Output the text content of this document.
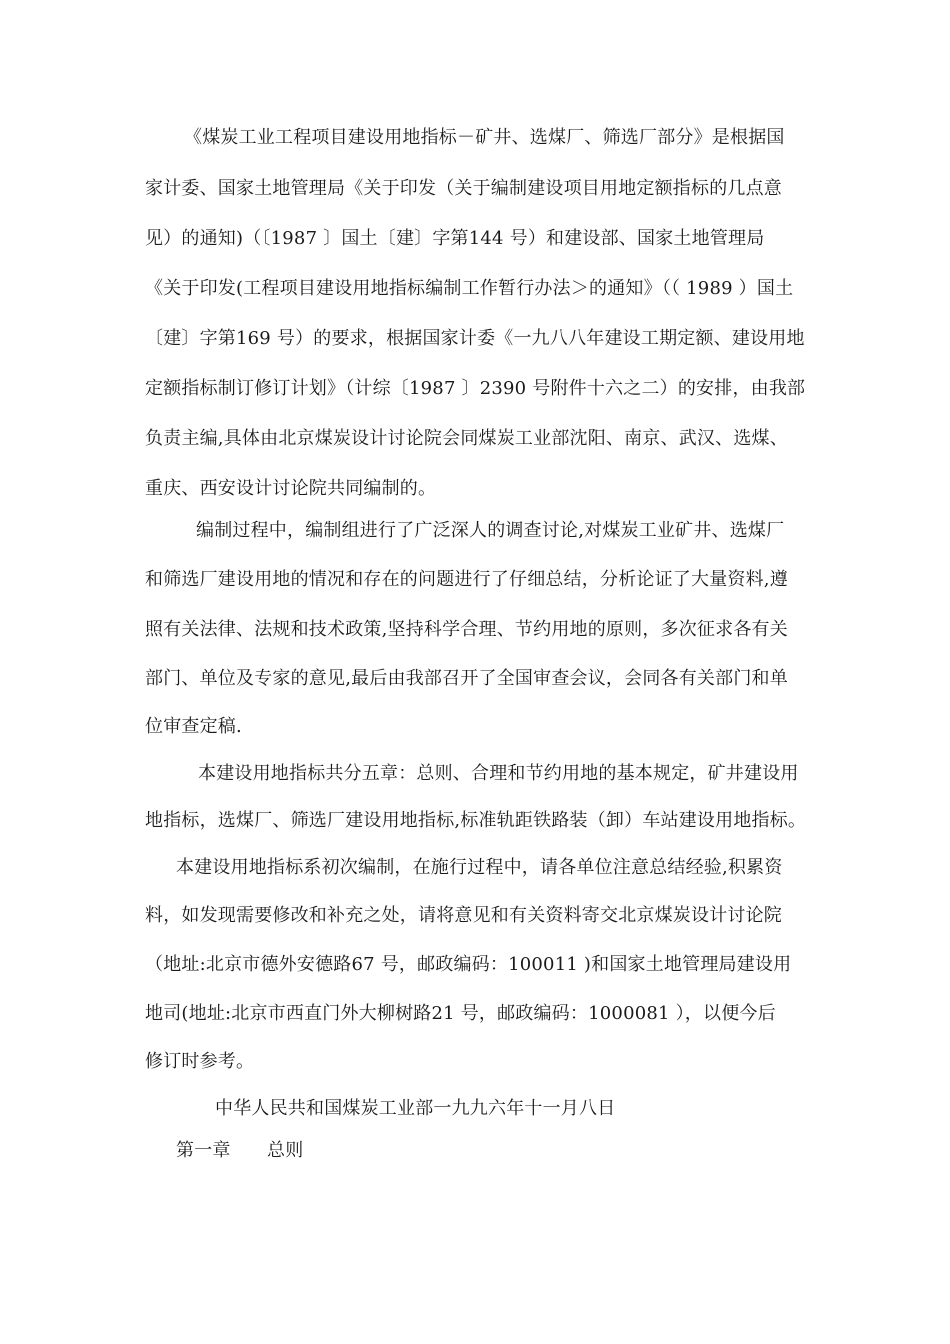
《煤炭工业工程项目建设用地指标－矿井、选煤厂、筛选厂部分》是根据国
家计委、国家土地管理局《关于印发（关于编制建设项目用地定额指标的几点意
见）的通知)（〔1987 〕国土〔建〕字第144 号）和建设部、国家土地管理局
《关于印发(工程项目建设用地指标编制工作暂行办法＞的通知》（（ 1989 ）国土
〔建〕字第169 号）的要求，根据国家计委《一九八八年建设工期定额、建设用地
定额指标制订修订计划》（计综〔1987 〕2390 号附件十六之二）的安排，由我部
负责主编,具体由北京煤炭设计讨论院会同煤炭工业部沈阳、南京、武汉、选煤、
重庆、西安设计讨论院共同编制的。
编制过程中，编制组进行了广泛深人的调查讨论,对煤炭工业矿井、选煤厂
和筛选厂建设用地的情况和存在的问题进行了仔细总结，分析论证了大量资料,遵
照有关法律、法规和技术政策,坚持科学合理、节约用地的原则，多次征求各有关
部门、单位及专家的意见,最后由我部召开了全国审查会议，会同各有关部门和单
位审查定稿.
本建设用地指标共分五章：总则、合理和节约用地的基本规定，矿井建设用
地指标，选煤厂、筛选厂建设用地指标,标准轨距铁路装（卸）车站建设用地指标。
本建设用地指标系初次编制，在施行过程中，请各单位注意总结经验,积累资
料，如发现需要修改和补充之处，请将意见和有关资料寄交北京煤炭设计讨论院
（地址:北京市德外安德路67 号，邮政编码：100011 )和国家土地管理局建设用
地司(地址:北京市西直门外大柳树路21 号，邮政编码：1000081 ），以便今后
修订时参考。
中华人民共和国煤炭工业部一九九六年十一月八日
第一章　　总则
